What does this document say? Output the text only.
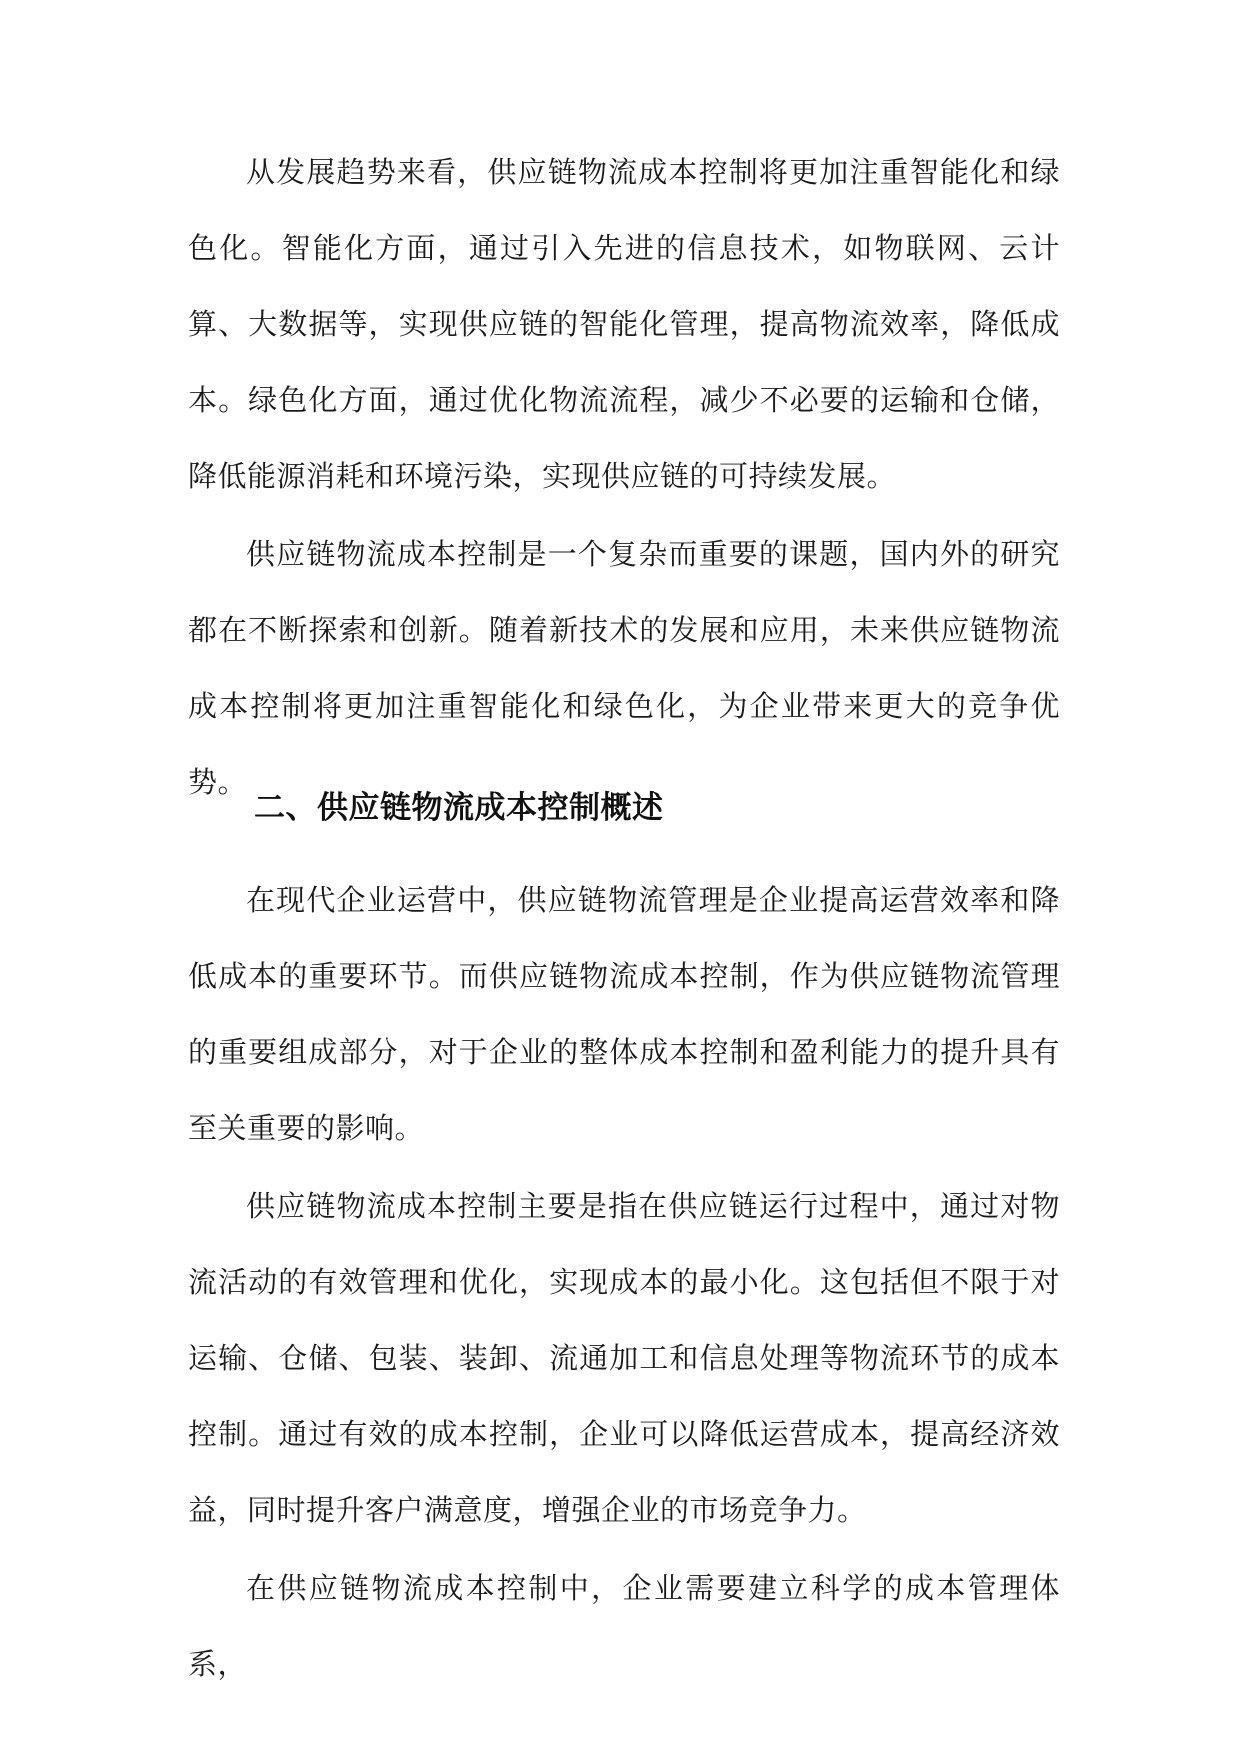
从发展趋势来看，供应链物流成本控制将更加注重智能化和绿色化。智能化方面，通过引入先进的信息技术，如物联网、云计算、大数据等，实现供应链的智能化管理，提高物流效率，降低成本。绿色化方面，通过优化物流流程，减少不必要的运输和仓储，降低能源消耗和环境污染，实现供应链的可持续发展。

供应链物流成本控制是一个复杂而重要的课题，国内外的研究都在不断探索和创新。随着新技术的发展和应用，未来供应链物流成本控制将更加注重智能化和绿色化，为企业带来更大的竞争优势。

二、供应链物流成本控制概述

在现代企业运营中，供应链物流管理是企业提高运营效率和降低成本的重要环节。而供应链物流成本控制，作为供应链物流管理的重要组成部分，对于企业的整体成本控制和盈利能力的提升具有至关重要的影响。

供应链物流成本控制主要是指在供应链运行过程中，通过对物流活动的有效管理和优化，实现成本的最小化。这包括但不限于对运输、仓储、包装、装卸、流通加工和信息处理等物流环节的成本控制。通过有效的成本控制，企业可以降低运营成本，提高经济效益，同时提升客户满意度，增强企业的市场竞争力。

在供应链物流成本控制中，企业需要建立科学的成本管理体系，
